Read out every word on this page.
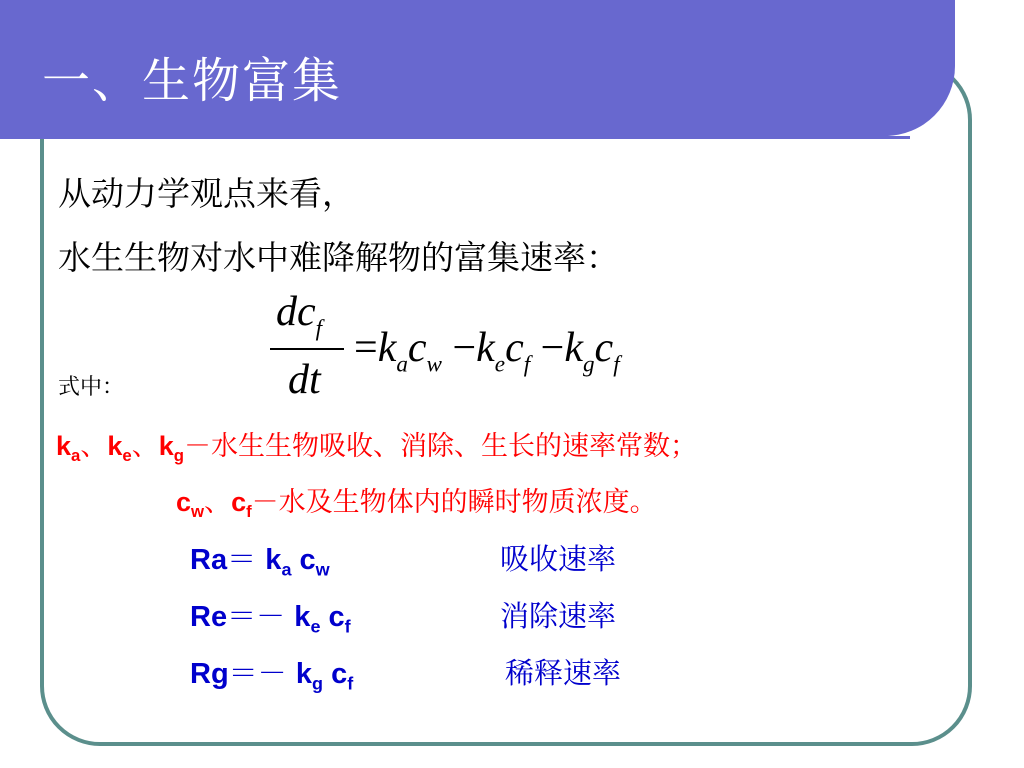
一、生物富集
从动力学观点来看，
水生生物对水中难降解物的富集速率：
$dc_f$
dt
$=k_ac_w -k_ec_f -k_gc_f$
式中：
$k_a$、$k_e$、$k_g-$水生生物吸收、消除、生长的速率常数；
$c_w$、$c_f-$水及生物体内的瞬时物质浓度。
$Ra= k_a$ $c_w$	吸收速率
$Re=- k_e$ $c_f$	消除速率
$Rg=- k_g$ $c_f$	稀释速率
